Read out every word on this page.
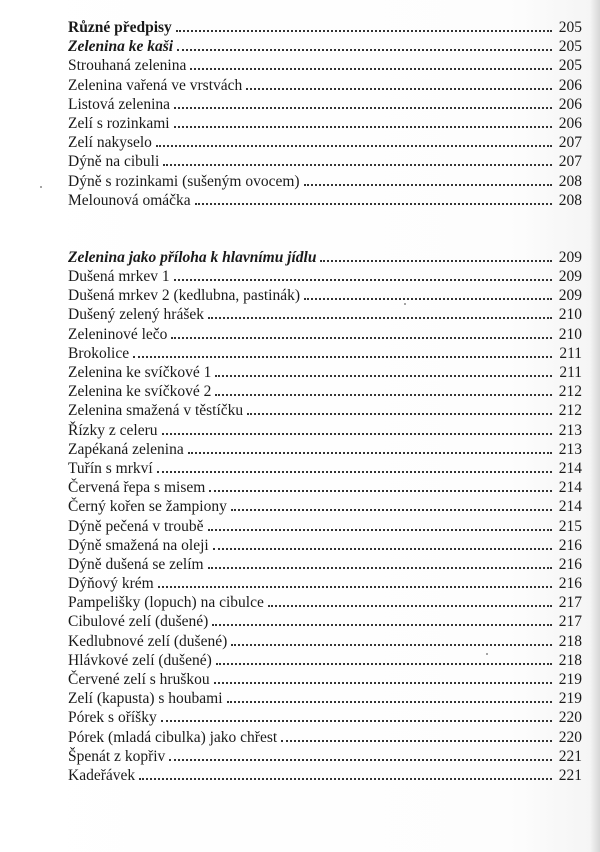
Různé předpisy	205
Zelenina ke kaši	205
Strouhaná zelenina	205
Zelenina vařená ve vrstvách	206
Listová zelenina	206
Zelí s rozinkami	206
Zelí nakyselo	207
Dýně na cibuli	207
Dýně s rozinkami (sušeným ovocem)	208
Melounová omáčka	208
Zelenina jako příloha k hlavnímu jídlu	209
Dušená mrkev 1	209
Dušená mrkev 2 (kedlubna, pastinák)	209
Dušený zelený hrášek	210
Zeleninové lečo	210
Brokolice	211
Zelenina ke svíčkové 1	211
Zelenina ke svíčkové 2	212
Zelenina smažená v těstíčku	212
Řízky z celeru	213
Zapékaná zelenina	213
Tuřín s mrkví	214
Červená řepa s misem	214
Černý kořen se žampiony	214
Dýně pečená v troubě	215
Dýně smažená na oleji	216
Dýně dušená se zelím	216
Dýňový krém	216
Pampelišky (lopuch) na cibulce	217
Cibulové zelí (dušené)	217
Kedlubnové zelí (dušené)	218
Hlávkové zelí (dušené)	218
Červené zelí s hruškou	219
Zelí (kapusta) s houbami	219
Pórek s oříšky	220
Pórek (mladá cibulka) jako chřest	220
Špenát z kopřiv	221
Kadeřávek	221
